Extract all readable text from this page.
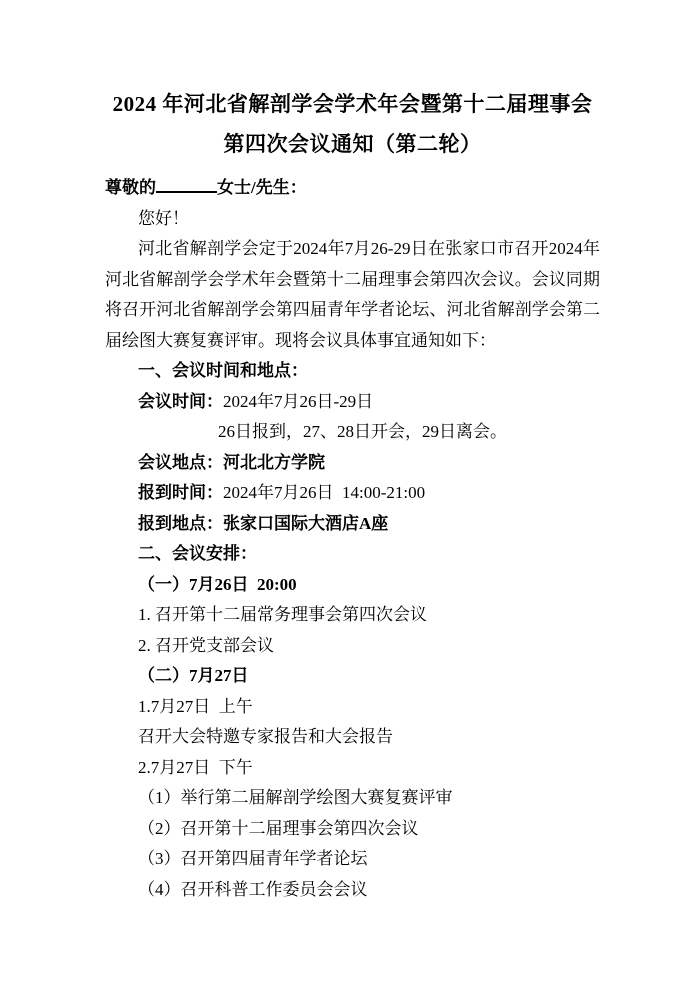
2024 年河北省解剖学会学术年会暨第十二届理事会
第四次会议通知（第二轮）
尊敬的	女士/先生：
您好！
河北省解剖学会定于2024年7月26-29日在张家口市召开2024年河北省解剖学会学术年会暨第十二届理事会第四次会议。会议同期将召开河北省解剖学会第四届青年学者论坛、河北省解剖学会第二届绘图大赛复赛评审。现将会议具体事宜通知如下：
一、会议时间和地点：
会议时间：2024年7月26日-29日
26日报到，27、28日开会，29日离会。
会议地点：河北北方学院
报到时间：2024年7月26日  14:00-21:00
报到地点：张家口国际大酒店A座
二、会议安排：
（一）7月26日  20:00
1. 召开第十二届常务理事会第四次会议
2. 召开党支部会议
（二）7月27日
1.7月27日  上午
召开大会特邀专家报告和大会报告
2.7月27日  下午
（1）举行第二届解剖学绘图大赛复赛评审
（2）召开第十二届理事会第四次会议
（3）召开第四届青年学者论坛
（4）召开科普工作委员会会议
